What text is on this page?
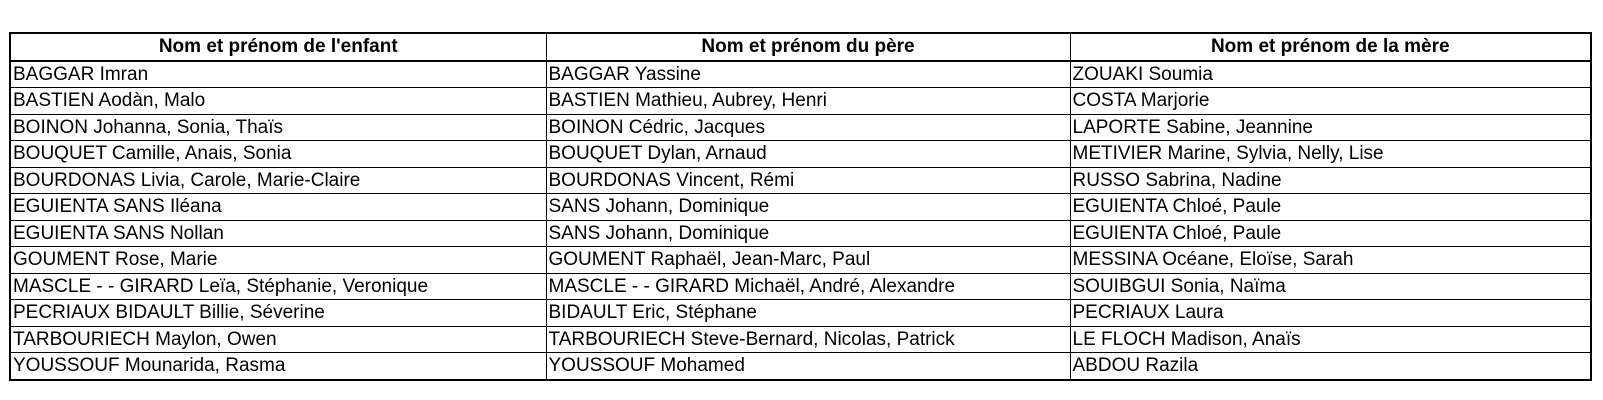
Nom et prénom de l'enfant	Nom et prénom du père	Nom et prénom de la mère
BAGGAR Imran	BAGGAR Yassine	ZOUAKI Soumia
BASTIEN Aodàn, Malo	BASTIEN Mathieu, Aubrey, Henri	COSTA Marjorie
BOINON Johanna, Sonia, Thaïs	BOINON Cédric, Jacques	LAPORTE Sabine, Jeannine
BOUQUET Camille, Anais, Sonia	BOUQUET Dylan, Arnaud	METIVIER Marine, Sylvia, Nelly, Lise
BOURDONAS Livia, Carole, Marie-Claire	BOURDONAS Vincent, Rémi	RUSSO Sabrina, Nadine
EGUIENTA SANS Iléana	SANS Johann, Dominique	EGUIENTA Chloé, Paule
EGUIENTA SANS Nollan	SANS Johann, Dominique	EGUIENTA Chloé, Paule
GOUMENT Rose, Marie	GOUMENT Raphaël, Jean-Marc, Paul	MESSINA Océane, Eloïse, Sarah
MASCLE - - GIRARD Leïa, Stéphanie, Veronique	MASCLE - - GIRARD Michaël, André, Alexandre	SOUIBGUI Sonia, Naïma
PECRIAUX BIDAULT Billie, Séverine	BIDAULT Eric, Stéphane	PECRIAUX Laura
TARBOURIECH Maylon, Owen	TARBOURIECH Steve-Bernard, Nicolas, Patrick	LE FLOCH Madison, Anaïs
YOUSSOUF Mounarida, Rasma	YOUSSOUF Mohamed	ABDOU Razila
